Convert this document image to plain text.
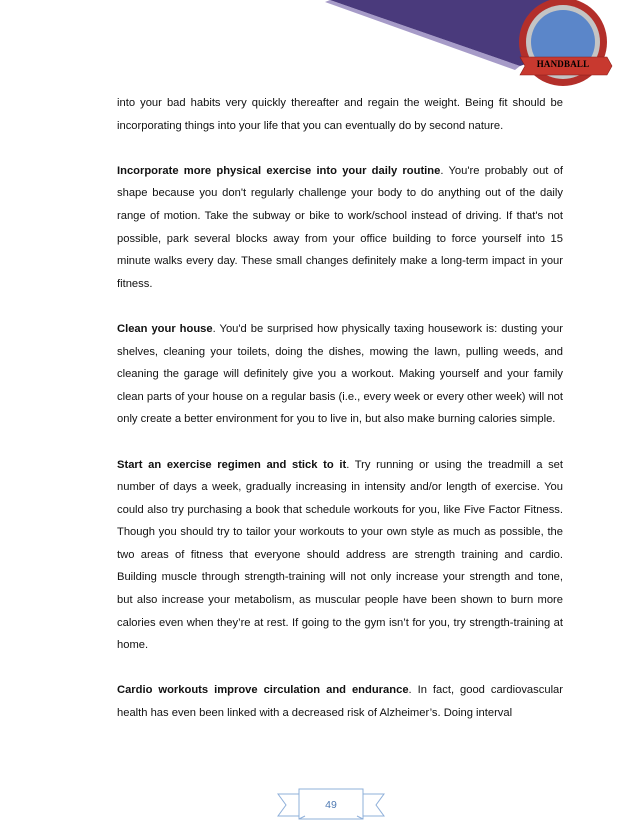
HANDBALL

into your bad habits very quickly thereafter and regain the weight. Being fit should be incorporating things into your life that you can eventually do by second nature.

Incorporate more physical exercise into your daily routine. You're probably out of shape because you don't regularly challenge your body to do anything out of the daily range of motion. Take the subway or bike to work/school instead of driving. If that's not possible, park several blocks away from your office building to force yourself into 15 minute walks every day. These small changes definitely make a long-term impact in your fitness.

Clean your house. You'd be surprised how physically taxing housework is: dusting your shelves, cleaning your toilets, doing the dishes, mowing the lawn, pulling weeds, and cleaning the garage will definitely give you a workout. Making yourself and your family clean parts of your house on a regular basis (i.e., every week or every other week) will not only create a better environment for you to live in, but also make burning calories simple.

Start an exercise regimen and stick to it. Try running or using the treadmill a set number of days a week, gradually increasing in intensity and/or length of exercise. You could also try purchasing a book that schedule workouts for you, like Five Factor Fitness. Though you should try to tailor your workouts to your own style as much as possible, the two areas of fitness that everyone should address are strength training and cardio. Building muscle through strength-training will not only increase your strength and tone, but also increase your metabolism, as muscular people have been shown to burn more calories even when they’re at rest. If going to the gym isn’t for you, try strength-training at home.

Cardio workouts improve circulation and endurance. In fact, good cardiovascular health has even been linked with a decreased risk of Alzheimer’s. Doing interval

49
